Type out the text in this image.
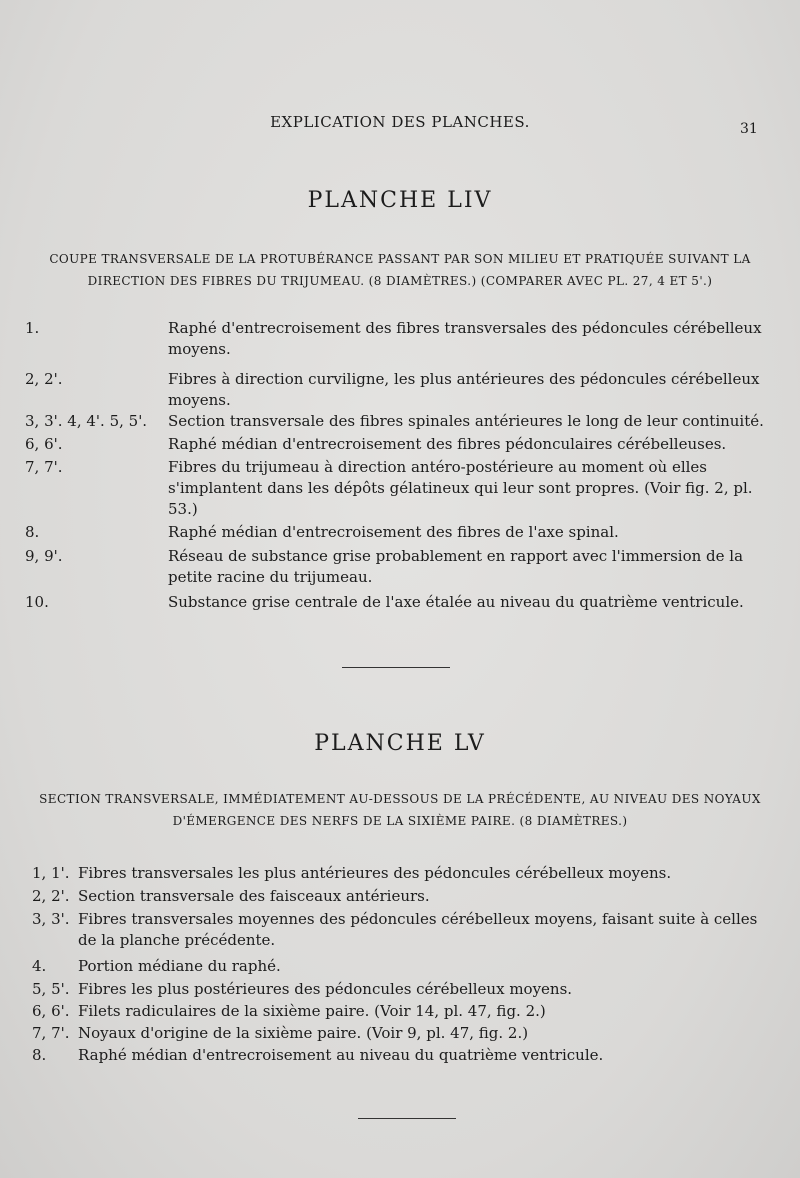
EXPLICATION DES PLANCHES.	31
PLANCHE LIV
COUPE TRANSVERSALE DE LA PROTUBÉRANCE PASSANT PAR SON MILIEU ET PRATIQUÉE SUIVANT LA
DIRECTION DES FIBRES DU TRIJUMEAU. (8 DIAMÈTRES.) (COMPARER AVEC PL. 27, 4 ET 5'.)
1.	Raphé d'entrecroisement des fibres transversales des pédoncules cérébelleux moyens.
2, 2'.	Fibres à direction curviligne, les plus antérieures des pédoncules cérébelleux moyens.
3, 3'. 4, 4'. 5, 5'. Section transversale des fibres spinales antérieures le long de leur continuité.
6, 6'.	Raphé médian d'entrecroisement des fibres pédonculaires cérébelleuses.
7, 7'.	Fibres du trijumeau à direction antéro-postérieure au moment où elles s'implantent dans les dépôts gélatineux qui leur sont propres. (Voir fig. 2, pl. 53.)
8.	Raphé médian d'entrecroisement des fibres de l'axe spinal.
9, 9'.	Réseau de substance grise probablement en rapport avec l'immersion de la petite racine du trijumeau.
10.	Substance grise centrale de l'axe étalée au niveau du quatrième ventricule.
PLANCHE LV
SECTION TRANSVERSALE, IMMÉDIATEMENT AU-DESSOUS DE LA PRÉCÉDENTE, AU NIVEAU DES NOYAUX
D'ÉMERGENCE DES NERFS DE LA SIXIÈME PAIRE. (8 DIAMÈTRES.)
1, 1'. Fibres transversales les plus antérieures des pédoncules cérébelleux moyens.
2, 2'. Section transversale des faisceaux antérieurs.
3, 3'. Fibres transversales moyennes des pédoncules cérébelleux moyens, faisant suite à celles de la planche précédente.
4. Portion médiane du raphé.
5, 5'. Fibres les plus postérieures des pédoncules cérébelleux moyens.
6, 6'. Filets radiculaires de la sixième paire. (Voir 14, pl. 47, fig. 2.)
7, 7'. Noyaux d'origine de la sixième paire. (Voir 9, pl. 47, fig. 2.)
8. Raphé médian d'entrecroisement au niveau du quatrième ventricule.
